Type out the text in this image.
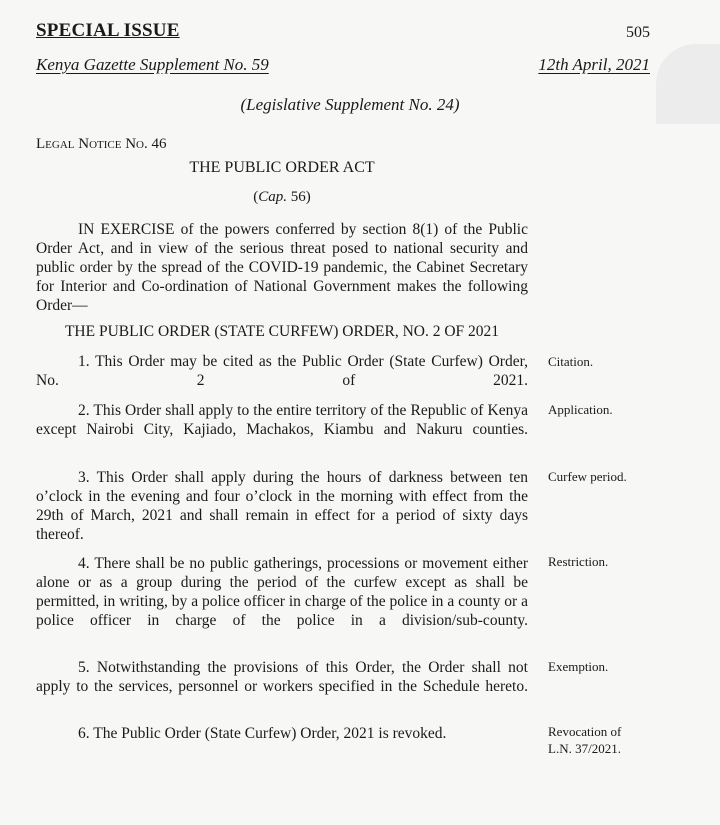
SPECIAL ISSUE	505
Kenya Gazette Supplement No. 59	12th April, 2021
(Legislative Supplement No. 24)
Legal Notice No. 46
THE PUBLIC ORDER ACT
(Cap. 56)
IN EXERCISE of the powers conferred by section 8(1) of the Public Order Act, and in view of the serious threat posed to national security and public order by the spread of the COVID-19 pandemic, the Cabinet Secretary for Interior and Co-ordination of National Government makes the following Order—
THE PUBLIC ORDER (STATE CURFEW) ORDER, NO. 2 OF 2021
1. This Order may be cited as the Public Order (State Curfew) Order, No. 2 of 2021.
Citation.
2. This Order shall apply to the entire territory of the Republic of Kenya except Nairobi City, Kajiado, Machakos, Kiambu and Nakuru counties.
Application.
3. This Order shall apply during the hours of darkness between ten o’clock in the evening and four o’clock in the morning with effect from the 29th of March, 2021 and shall remain in effect for a period of sixty days thereof.
Curfew period.
4. There shall be no public gatherings, processions or movement either alone or as a group during the period of the curfew except as shall be permitted, in writing, by a police officer in charge of the police in a county or a police officer in charge of the police in a division/sub-county.
Restriction.
5. Notwithstanding the provisions of this Order, the Order shall not apply to the services, personnel or workers specified in the Schedule hereto.
Exemption.
6. The Public Order (State Curfew) Order, 2021 is revoked.	Revocation of L.N. 37/2021.
